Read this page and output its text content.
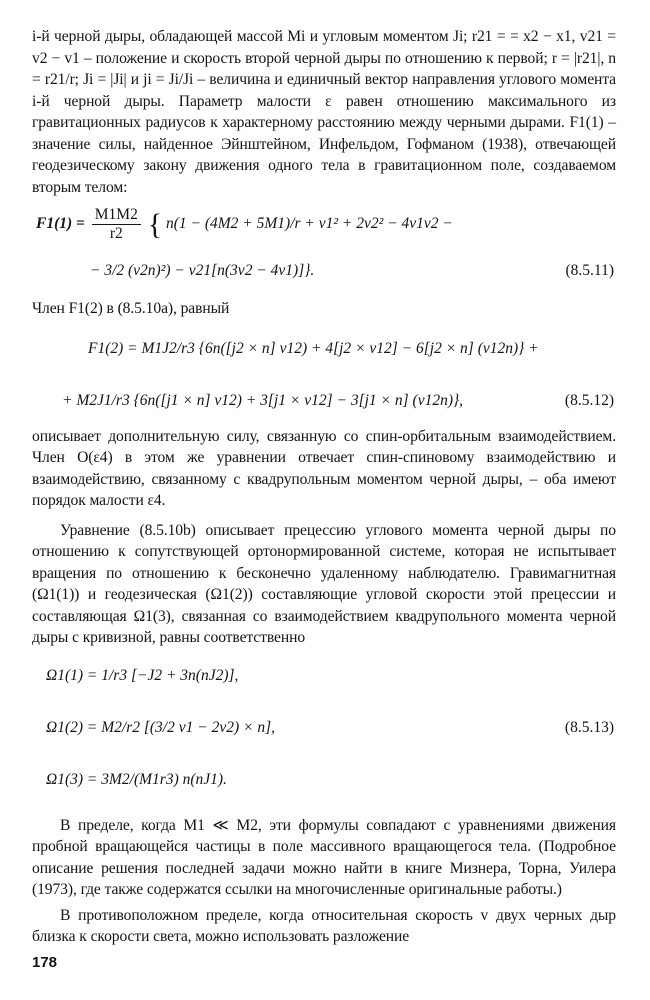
i-й черной дыры, обладающей массой Mi и угловым моментом Ji; r21 = = x2 − x1, v21 = v2 − v1 – положение и скорость второй черной дыры по отношению к первой; r = |r21|, n = r21/r; Ji = |Ji| и ji = Ji/Ji – величина и единичный вектор направления углового момента i-й черной дыры. Параметр малости ε равен отношению максимального из гравитационных радиусов к характерному расстоянию между черными дырами. F1(1) – значение силы, найденное Эйнштейном, Инфельдом, Гофманом (1938), отвечающей геодезическому закону движения одного тела в гравитационном поле, создаваемом вторым телом:

$F1(1) = \frac{M1M2}{r2}$ { n(1 − (4M2 + 5M1)/r + v1² + 2v2² − 4v1v2 −
− 3/2 (v2n)²) − v21[n(3v2 − 4v1)]}.	(8.5.11)

Член F1(2) в (8.5.10a), равный

F1(2) = M1J2/r3 {6n([j2 × n] v12) + 4[j2 × v12] − 6[j2 × n] (v12n)} +
+ M2J1/r3 {6n([j1 × n] v12) + 3[j1 × v12] − 3[j1 × n] (v12n)},	(8.5.12)

описывает дополнительную силу, связанную со спин-орбитальным взаимодействием. Член O(ε4) в этом же уравнении отвечает спин-спиновому взаимодействию и взаимодействию, связанному с квадрупольным моментом черной дыры, – оба имеют порядок малости ε4.

Уравнение (8.5.10b) описывает прецессию углового момента черной дыры по отношению к сопутствующей ортонормированной системе, которая не испытывает вращения по отношению к бесконечно удаленному наблюдателю. Гравимагнитная (Ω1(1)) и геодезическая (Ω1(2)) составляющие угловой скорости этой прецессии и составляющая Ω1(3), связанная со взаимодействием квадрупольного момента черной дыры с кривизной, равны соответственно

Ω1(1) = 1/r3 [−J2 + 3n(nJ2)],
Ω1(2) = M2/r2 [(3/2 v1 − 2v2) × n],
Ω1(3) = 3M2/(M1r3) n(nJ1).
(8.5.13)

В пределе, когда M1 ≪ M2, эти формулы совпадают с уравнениями движения пробной вращающейся частицы в поле массивного вращающегося тела. (Подробное описание решения последней задачи можно найти в книге Мизнера, Торна, Уилера (1973), где также содержатся ссылки на многочисленные оригинальные работы.)

В противоположном пределе, когда относительная скорость v двух черных дыр близка к скорости света, можно использовать разложение

178
